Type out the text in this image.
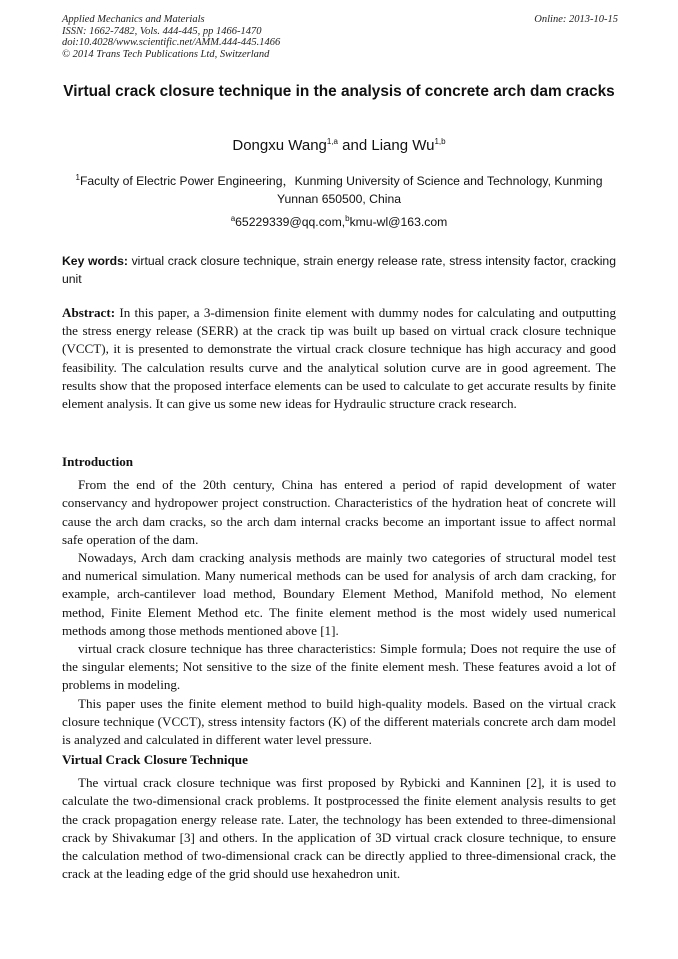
Applied Mechanics and Materials
ISSN: 1662-7482, Vols. 444-445, pp 1466-1470
doi:10.4028/www.scientific.net/AMM.444-445.1466
© 2014 Trans Tech Publications Ltd, Switzerland
Online: 2013-10-15
Virtual crack closure technique in the analysis of concrete arch dam cracks
Dongxu Wang$^{1,a}$ and Liang Wu$^{1,b}$
$^1$Faculty of Electric Power Engineering，Kunming University of Science and Technology, Kunming Yunnan 650500, China
$^a$65229339@qq.com,$^b$kmu-wl@163.com
Key words: virtual crack closure technique, strain energy release rate, stress intensity factor, cracking unit
Abstract: In this paper, a 3-dimension finite element with dummy nodes for calculating and outputting the stress energy release (SERR) at the crack tip was built up based on virtual crack closure technique (VCCT), it is presented to demonstrate the virtual crack closure technique has high accuracy and good feasibility. The calculation results curve and the analytical solution curve are in good agreement. The results show that the proposed interface elements can be used to calculate to get accurate results by finite element analysis. It can give us some new ideas for Hydraulic structure crack research.

Introduction

From the end of the 20th century, China has entered a period of rapid development of water conservancy and hydropower project construction. Characteristics of the hydration heat of concrete will cause the arch dam cracks, so the arch dam internal cracks become an important issue to affect normal safe operation of the dam.

Nowadays, Arch dam cracking analysis methods are mainly two categories of structural model test and numerical simulation. Many numerical methods can be used for analysis of arch dam cracking, for example, arch-cantilever load method, Boundary Element Method, Manifold method, No element method, Finite Element Method etc. The finite element method is the most widely used numerical methods among those methods mentioned above [1].

virtual crack closure technique has three characteristics: Simple formula; Does not require the use of the singular elements; Not sensitive to the size of the finite element mesh. These features avoid a lot of problems in modeling.

This paper uses the finite element method to build high-quality models. Based on the virtual crack closure technique (VCCT), stress intensity factors (K) of the different materials concrete arch dam model is analyzed and calculated in different water level pressure.

Virtual Crack Closure Technique

The virtual crack closure technique was first proposed by Rybicki and Kanninen [2], it is used to calculate the two-dimensional crack problems. It postprocessed the finite element analysis results to get the crack propagation energy release rate. Later, the technology has been extended to three-dimensional crack by Shivakumar [3] and others. In the application of 3D virtual crack closure technique, to ensure the calculation method of two-dimensional crack can be directly applied to three-dimensional crack, the crack at the leading edge of the grid should use hexahedron unit.
